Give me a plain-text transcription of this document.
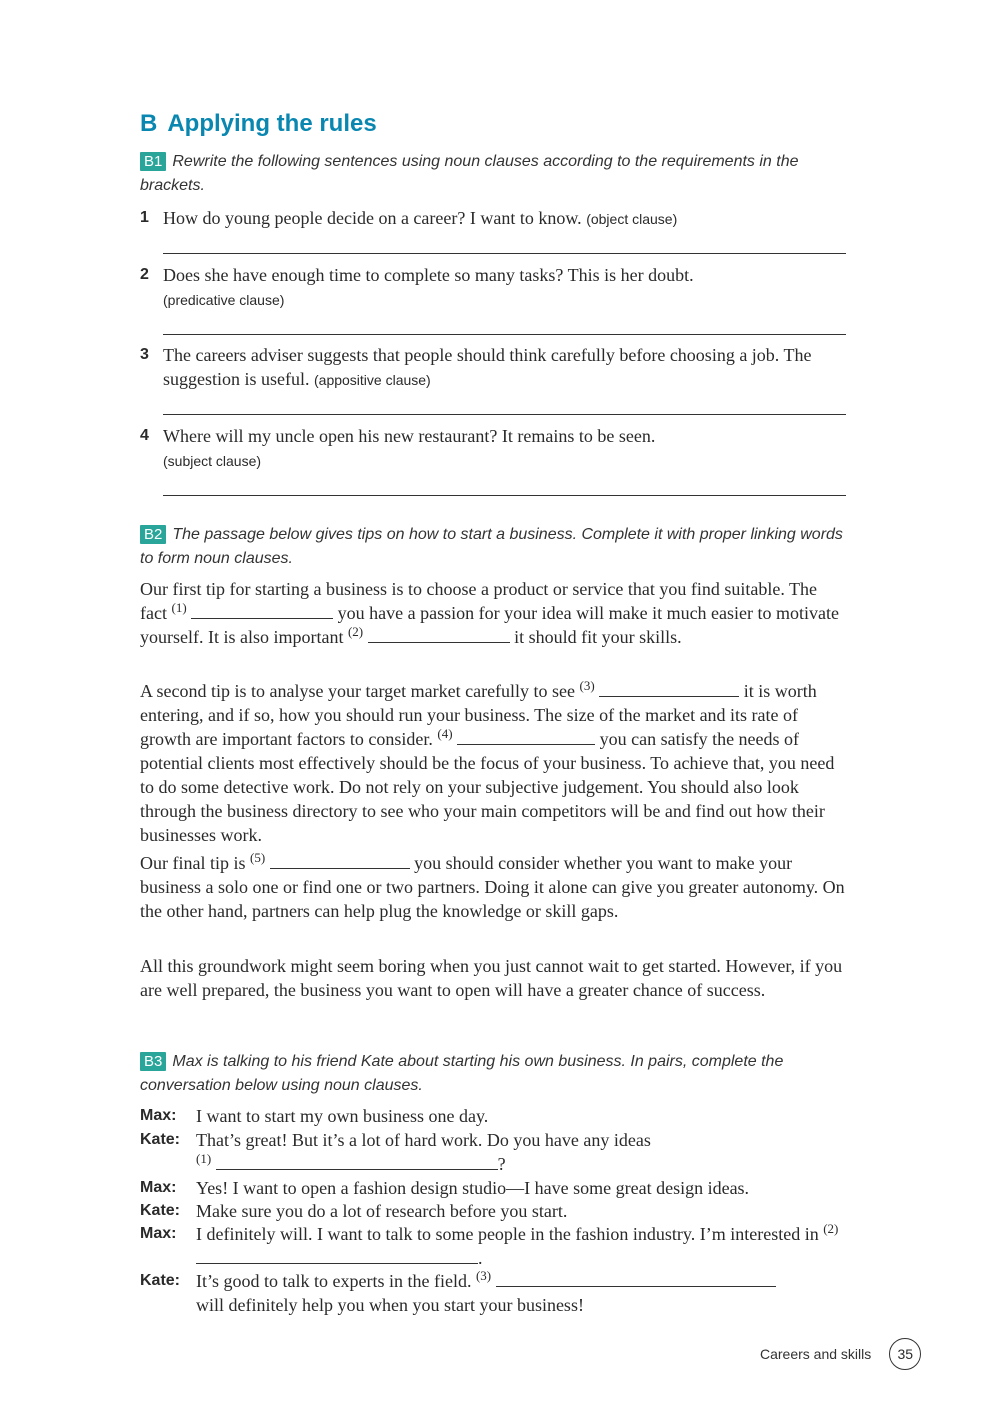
B Applying the rules
B1 Rewrite the following sentences using noun clauses according to the requirements in the brackets.
1 How do young people decide on a career? I want to know. (object clause)
2 Does she have enough time to complete so many tasks? This is her doubt.
(predicative clause)
3 The careers adviser suggests that people should think carefully before choosing a job. The suggestion is useful. (appositive clause)
4 Where will my uncle open his new restaurant? It remains to be seen.
(subject clause)
B2 The passage below gives tips on how to start a business. Complete it with proper linking words to form noun clauses.
Our first tip for starting a business is to choose a product or service that you find suitable. The fact $^{(1)}$	you have a passion for your idea will make it much easier to motivate yourself. It is also important $^{(2)}$	it should fit your skills.
A second tip is to analyse your target market carefully to see $^{(3)}$	it is worth entering, and if so, how you should run your business. The size of the market and its rate of growth are important factors to consider. $^{(4)}$	you can satisfy the needs of potential clients most effectively should be the focus of your business. To achieve that, you need to do some detective work. Do not rely on your subjective judgement. You should also look through the business directory to see who your main competitors will be and find out how their businesses work.
Our final tip is $^{(5)}$	you should consider whether you want to make your business a solo one or find one or two partners. Doing it alone can give you greater autonomy. On the other hand, partners can help plug the knowledge or skill gaps.
All this groundwork might seem boring when you just cannot wait to get started. However, if you are well prepared, the business you want to open will have a greater chance of success.
B3 Max is talking to his friend Kate about starting his own business. In pairs, complete the conversation below using noun clauses.
Max: I want to start my own business one day.
Kate: That’s great! But it’s a lot of hard work. Do you have any ideas
$^{(1)}$	?
Max: Yes! I want to open a fashion design studio—I have some great design ideas.
Kate: Make sure you do a lot of research before you start.
Max: I definitely will. I want to talk to some people in the fashion industry. I’m interested in $^{(2)}$ .
Kate: It’s good to talk to experts in the field. $^{(3)}$
will definitely help you when you start your business!
Careers and skills	35
